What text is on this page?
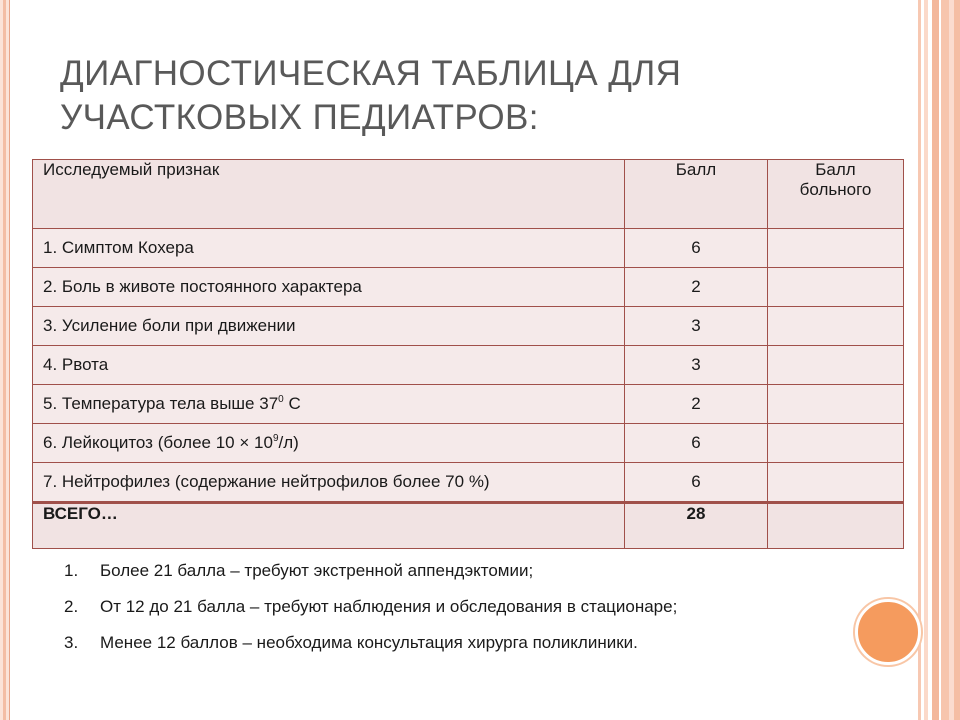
ДИАГНОСТИЧЕСКАЯ ТАБЛИЦА ДЛЯ
УЧАСТКОВЫХ ПЕДИАТРОВ:
Исследуемый признак	Балл	Балл больного
1. Симптом Кохера	6	
2. Боль в животе постоянного характера	2	
3. Усиление боли при движении	3	
4. Рвота	3	
5. Температура тела выше $37^0$ С	2	
6. Лейкоцитоз (более $10 \times 10^9/л$)	6	
7. Нейтрофилез (содержание нейтрофилов более 70 %)	6	
ВСЕГО…	28	
1. Более 21 балла – требуют экстренной аппендэктомии;
2. От 12 до 21 балла – требуют наблюдения и обследования в стационаре;
3. Менее 12 баллов – необходима консультация хирурга поликлиники.
